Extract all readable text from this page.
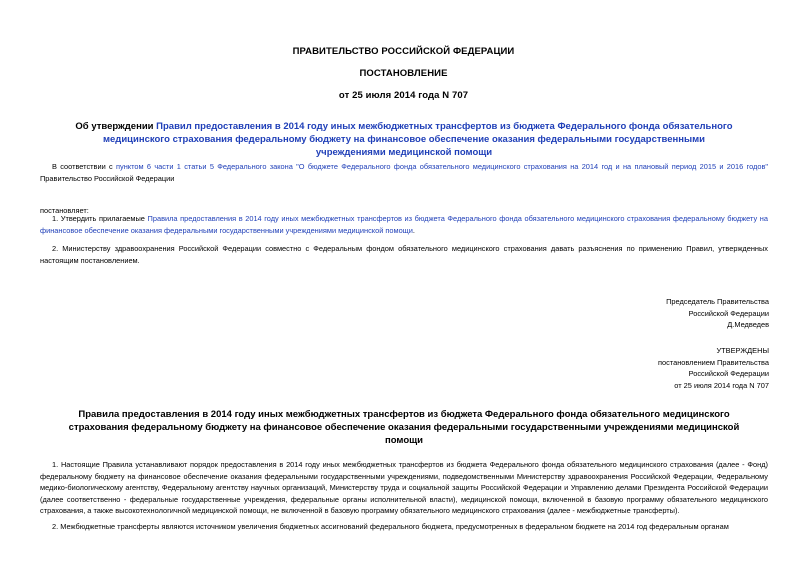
ПРАВИТЕЛЬСТВО РОССИЙСКОЙ ФЕДЕРАЦИИ
ПОСТАНОВЛЕНИЕ
от 25 июля 2014 года N 707
Об утверждении Правил предоставления в 2014 году иных межбюджетных трансфертов из бюджета Федерального фонда обязательного медицинского страхования федеральному бюджету на финансовое обеспечение оказания федеральными государственными учреждениями медицинской помощи
В соответствии с пунктом 6 части 1 статьи 5 Федерального закона "О бюджете Федерального фонда обязательного медицинского страхования на 2014 год и на плановый период 2015 и 2016 годов" Правительство Российской Федерации
постановляет:
1. Утвердить прилагаемые Правила предоставления в 2014 году иных межбюджетных трансфертов из бюджета Федерального фонда обязательного медицинского страхования федеральному бюджету на финансовое обеспечение оказания федеральными государственными учреждениями медицинской помощи.
2. Министерству здравоохранения Российской Федерации совместно с Федеральным фондом обязательного медицинского страхования давать разъяснения по применению Правил, утвержденных настоящим постановлением.
Председатель Правительства
Российской Федерации
Д.Медведев
УТВЕРЖДЕНЫ
постановлением Правительства
Российской Федерации
от 25 июля 2014 года N 707
Правила предоставления в 2014 году иных межбюджетных трансфертов из бюджета Федерального фонда обязательного медицинского страхования федеральному бюджету на финансовое обеспечение оказания федеральными государственными учреждениями медицинской помощи
1. Настоящие Правила устанавливают порядок предоставления в 2014 году иных межбюджетных трансфертов из бюджета Федерального фонда обязательного медицинского страхования (далее - Фонд) федеральному бюджету на финансовое обеспечение оказания федеральными государственными учреждениями, подведомственными Министерству здравоохранения Российской Федерации, Федеральному медико-биологическому агентству, Федеральному агентству научных организаций, Министерству труда и социальной защиты Российской Федерации и Управлению делами Президента Российской Федерации (далее соответственно - федеральные государственные учреждения, федеральные органы исполнительной власти), медицинской помощи, включенной в базовую программу обязательного медицинского страхования, а также высокотехнологичной медицинской помощи, не включенной в базовую программу обязательного медицинского страхования (далее - межбюджетные трансферты).
2. Межбюджетные трансферты являются источником увеличения бюджетных ассигнований федерального бюджета, предусмотренных в федеральном бюджете на 2014 год федеральным органам
